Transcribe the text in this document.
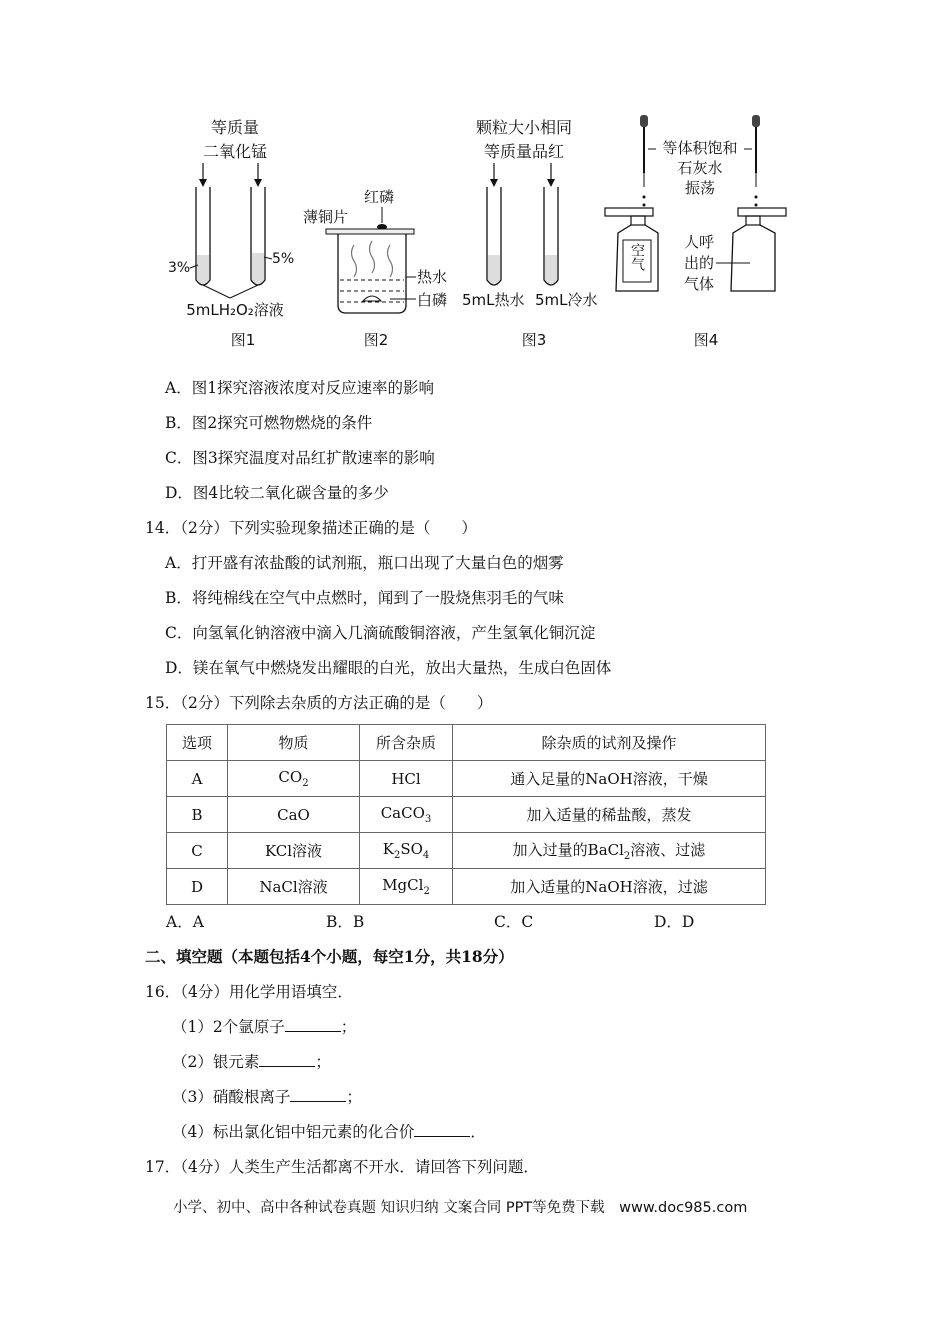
等质量
二氧化锰
3%
5%
5mLH₂O₂溶液
图1
薄铜片
红磷
热水
白磷
图2
颗粒大小相同
等质量品红
5mL热水 5mL冷水
图3
等体积饱和
石灰水
振荡
空气
人呼
出的
气体
图4
A．图1探究溶液浓度对反应速率的影响
B．图2探究可燃物燃烧的条件
C．图3探究温度对品红扩散速率的影响
D．图4比较二氧化碳含量的多少
14．（2分）下列实验现象描述正确的是（　　）
A．打开盛有浓盐酸的试剂瓶，瓶口出现了大量白色的烟雾
B．将纯棉线在空气中点燃时，闻到了一股烧焦羽毛的气味
C．向氢氧化钠溶液中滴入几滴硫酸铜溶液，产生氢氧化铜沉淀
D．镁在氧气中燃烧发出耀眼的白光，放出大量热，生成白色固体
15．（2分）下列除去杂质的方法正确的是（　　）
选项	物质	所含杂质	除杂质的试剂及操作
A	$CO_2$	HCl	通入足量的NaOH溶液，干燥
B	CaO	CaCO$_3$	加入适量的稀盐酸，蒸发
C	KCl溶液	$K_2SO_4$	加入过量的BaCl$_2$溶液、过滤
D	NaCl溶液	MgCl$_2$	加入适量的NaOH溶液，过滤
A．A	B．B	C．C	D．D
二、填空题（本题包括4个小题，每空1分，共18分）
16．（4分）用化学用语填空．
（1）2个氩原子	；
（2）银元素	；
（3）硝酸根离子	；
（4）标出氯化铝中铝元素的化合价	．
17．（4分）人类生产生活都离不开水．请回答下列问题．
小学、初中、高中各种试卷真题 知识归纳 文案合同 PPT等免费下载　www.doc985.com
